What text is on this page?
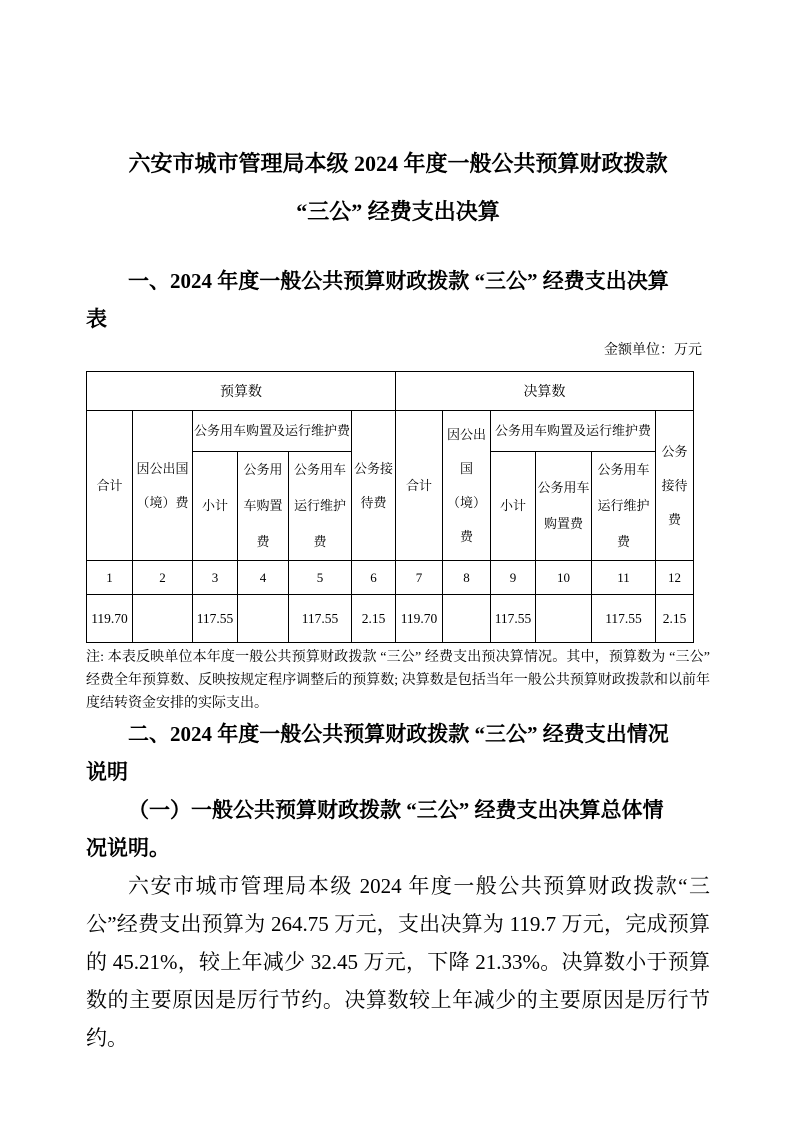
六安市城市管理局本级 2024 年度一般公共预算财政拨款
“三公” 经费支出决算
一、2024 年度一般公共预算财政拨款 “三公” 经费支出决算
表
金额单位：万元
预算数						决算数					
合计	因公出国（境）费	公务用车购置及运行维护费			公务接待费	合计	因公出国（境）费	公务用车购置及运行维护费			公务接待费
		小计	公务用车购置费	公务用车运行维护费				小计	公务用车购置费	公务用车运行维护费	
1	2	3	4	5	6	7	8	9	10	11	12
119.70		117.55		117.55	2.15	119.70		117.55		117.55	2.15
注: 本表反映单位本年度一般公共预算财政拨款 “三公” 经费支出预决算情况。其中，预算数为 “三公” 经费全年预算数、反映按规定程序调整后的预算数; 决算数是包括当年一般公共预算财政拨款和以前年度结转资金安排的实际支出。
二、2024 年度一般公共预算财政拨款 “三公” 经费支出情况
说明
（一）一般公共预算财政拨款 “三公” 经费支出决算总体情
况说明。
六安市城市管理局本级 2024 年度一般公共预算财政拨款“三公”经费支出预算为 264.75 万元，支出决算为 119.7 万元，完成预算的 45.21%，较上年减少 32.45 万元，下降 21.33%。决算数小于预算数的主要原因是厉行节约。决算数较上年减少的主要原因是厉行节约。
